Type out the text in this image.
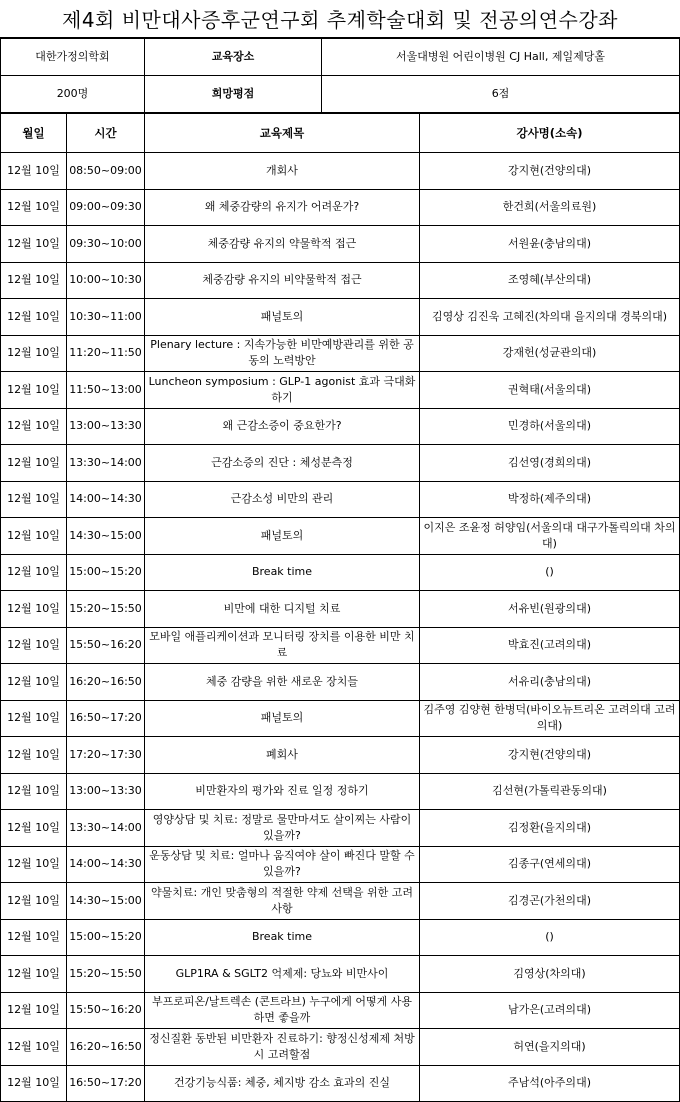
제4회 비만대사증후군연구회 추계학술대회 및 전공의연수강좌
대한가정의학회	교육장소	서울대병원 어린이병원 CJ Hall, 제일제당홀
200명	희망평점	6점
월일	시간	교육제목	강사명(소속)
12월 10일	08:50~09:00	개회사	강지현(건양의대)
12월 10일	09:00~09:30	왜 체중감량의 유지가 어려운가?	한건희(서울의료원)
12월 10일	09:30~10:00	체중감량 유지의 약물학적 접근	서원윤(충남의대)
12월 10일	10:00~10:30	체중감량 유지의 비약물학적 접근	조영혜(부산의대)
12월 10일	10:30~11:00	패널토의	김영상 김진욱 고혜진(차의대 을지의대 경북의대)
12월 10일	11:20~11:50	Plenary lecture : 지속가능한 비만예방관리를 위한 공동의 노력방안	강재헌(성균관의대)
12월 10일	11:50~13:00	Luncheon symposium : GLP-1 agonist 효과 극대화하기	권혁태(서울의대)
12월 10일	13:00~13:30	왜 근감소증이 중요한가?	민경하(서울의대)
12월 10일	13:30~14:00	근감소증의 진단 : 체성분측정	김선영(경희의대)
12월 10일	14:00~14:30	근감소성 비만의 관리	박정하(제주의대)
12월 10일	14:30~15:00	패널토의	이지은 조윤정 허양임(서울의대 대구가톨릭의대 차의대)
12월 10일	15:00~15:20	Break time	()
12월 10일	15:20~15:50	비만에 대한 디지털 치료	서유빈(원광의대)
12월 10일	15:50~16:20	모바일 애플리케이션과 모니터링 장치를 이용한 비만 치료	박효진(고려의대)
12월 10일	16:20~16:50	체중 감량을 위한 새로운 장치들	서유리(충남의대)
12월 10일	16:50~17:20	패널토의	김주영 김양현 한병덕(바이오뉴트리온 고려의대 고려의대)
12월 10일	17:20~17:30	폐회사	강지현(건양의대)
12월 10일	13:00~13:30	비만환자의 평가와 진료 일정 정하기	김선현(가톨릭관동의대)
12월 10일	13:30~14:00	영양상담 및 치료: 정말로 물만마셔도 살이찌는 사람이 있을까?	김정환(을지의대)
12월 10일	14:00~14:30	운동상담 및 치료: 얼마나 움직여야 살이 빠진다 말할 수 있을까?	김종구(연세의대)
12월 10일	14:30~15:00	약물치료: 개인 맞춤형의 적절한 약제 선택을 위한 고려사항	김경곤(가천의대)
12월 10일	15:00~15:20	Break time	()
12월 10일	15:20~15:50	GLP1RA & SGLT2 억제제: 당뇨와 비만사이	김영상(차의대)
12월 10일	15:50~16:20	부프로피온/날트렉손 (콘트라브) 누구에게 어떻게 사용하면 좋을까	남가은(고려의대)
12월 10일	16:20~16:50	정신질환 동반된 비만환자 진료하기: 향정신성제제 처방시 고려할점	허연(을지의대)
12월 10일	16:50~17:20	건강기능식품: 체중, 체지방 감소 효과의 진실	주남석(아주의대)
